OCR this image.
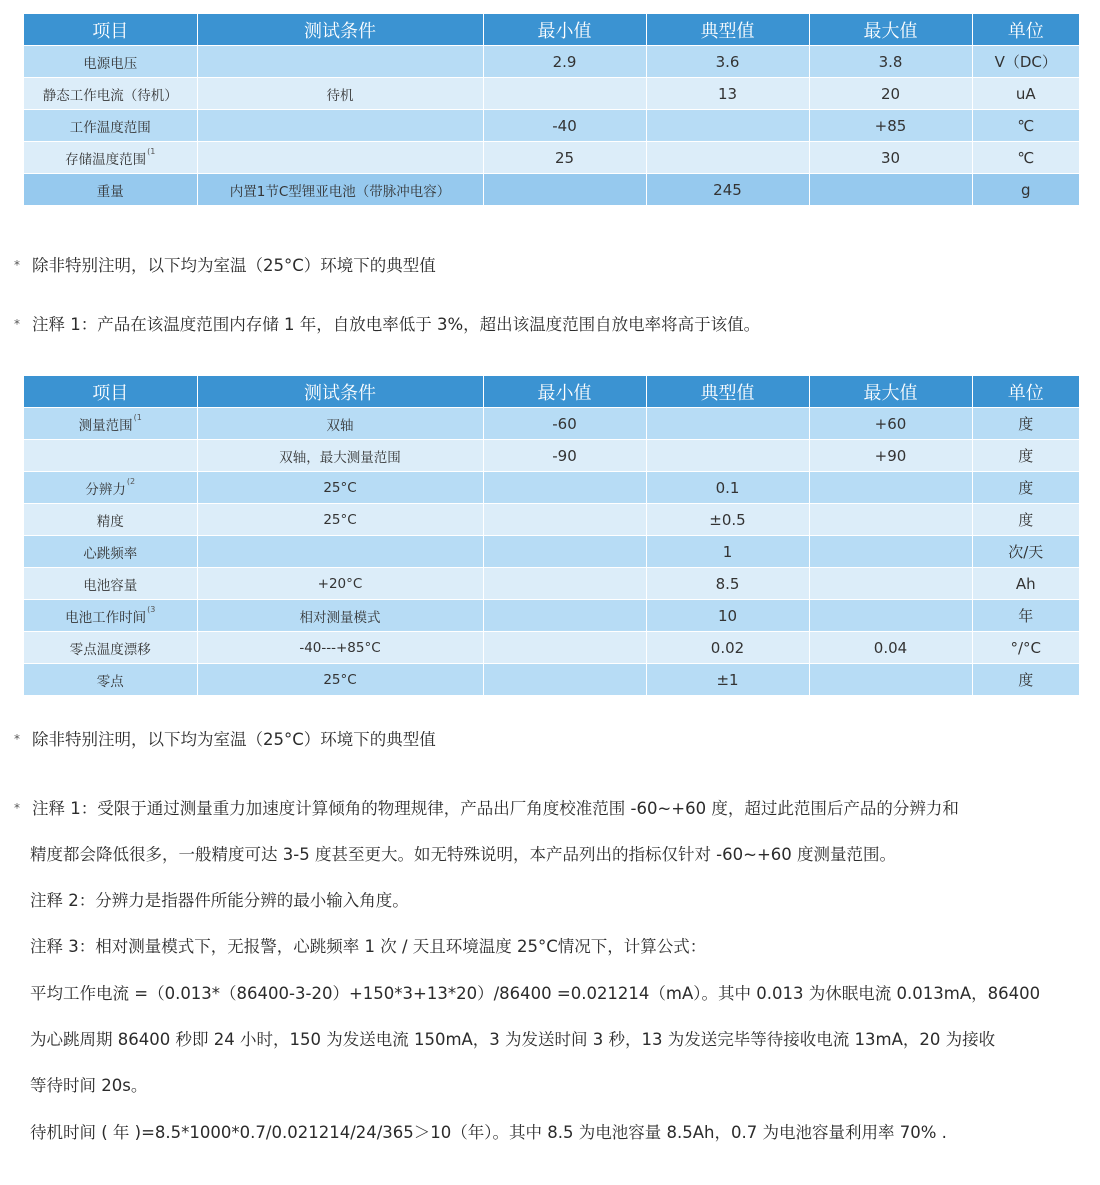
项目	测试条件	最小值	典型值	最大值	单位
电源电压		2.9	3.6	3.8	V（DC）
静态工作电流（待机）	待机		13	20	uA
工作温度范围		-40		+85	℃
存储温度范围$^{(1}$		25		30	℃
重量	内置1节C型锂亚电池（带脉冲电容）		245		g
* 除非特别注明，以下均为室温（25°C）环境下的典型值
* 注释 1：产品在该温度范围内存储 1 年，自放电率低于 3%，超出该温度范围自放电率将高于该值。
项目	测试条件	最小值	典型值	最大值	单位
测量范围$^{(1}$	双轴	-60		+60	度
	双轴，最大测量范围	-90		+90	度
分辨力$^{(2}$	25°C		0.1		度
精度	25°C		±0.5		度
心跳频率			1		次/天
电池容量	+20°C		8.5		Ah
电池工作时间$^{(3}$	相对测量模式		10		年
零点温度漂移	-40---+85°C		0.02	0.04	°/°C
零点	25°C		±1		度
* 除非特别注明，以下均为室温（25°C）环境下的典型值
* 注释 1：受限于通过测量重力加速度计算倾角的物理规律，产品出厂角度校准范围 -60~+60 度，超过此范围后产品的分辨力和
精度都会降低很多，一般精度可达 3-5 度甚至更大。如无特殊说明，本产品列出的指标仅针对 -60~+60 度测量范围。
注释 2：分辨力是指器件所能分辨的最小输入角度。
注释 3：相对测量模式下，无报警，心跳频率 1 次 / 天且环境温度 25°C情况下，计算公式：
平均工作电流 =（0.013*（86400-3-20）+150*3+13*20）/86400 =0.021214（mA）。其中 0.013 为休眠电流 0.013mA，86400
为心跳周期 86400 秒即 24 小时，150 为发送电流 150mA，3 为发送时间 3 秒，13 为发送完毕等待接收电流 13mA，20 为接收
等待时间 20s。
待机时间 ( 年 )=8.5*1000*0.7/0.021214/24/365＞10（年）。其中 8.5 为电池容量 8.5Ah，0.7 为电池容量利用率 70% .
